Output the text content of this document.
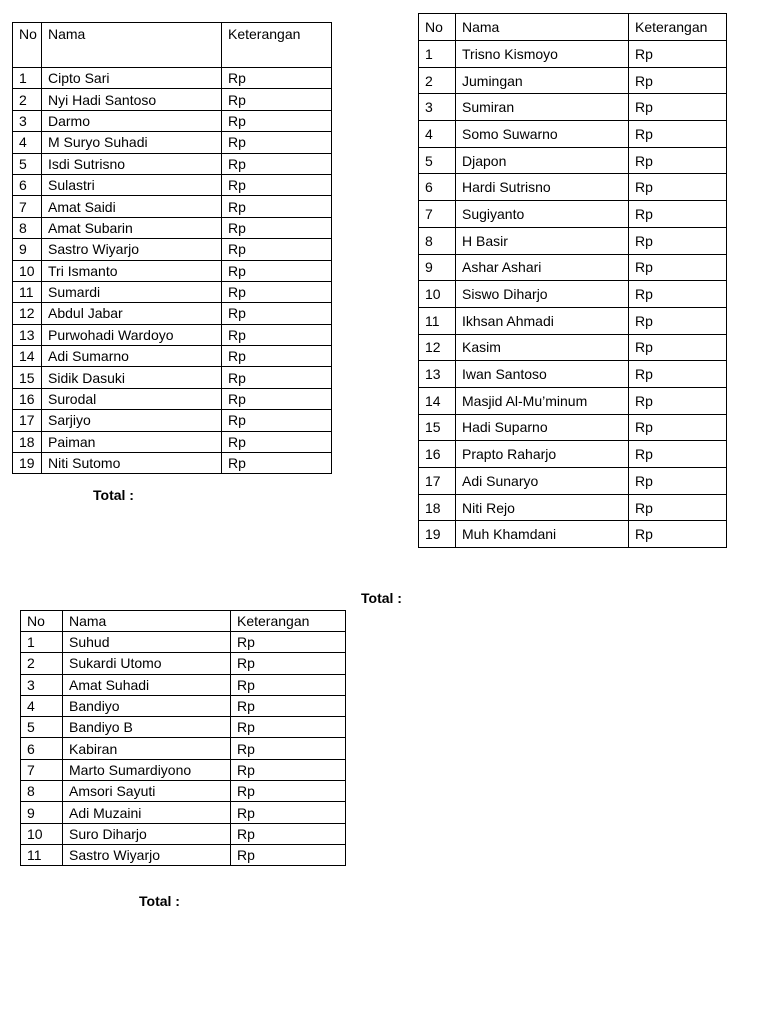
No	Nama	Keterangan
1	Cipto Sari	Rp
2	Nyi Hadi Santoso	Rp
3	Darmo	Rp
4	M Suryo Suhadi	Rp
5	Isdi Sutrisno	Rp
6	Sulastri	Rp
7	Amat Saidi	Rp
8	Amat Subarin	Rp
9	Sastro Wiyarjo	Rp
10	Tri Ismanto	Rp
11	Sumardi	Rp
12	Abdul Jabar	Rp
13	Purwohadi Wardoyo	Rp
14	Adi Sumarno	Rp
15	Sidik Dasuki	Rp
16	Surodal	Rp
17	Sarjiyo	Rp
18	Paiman	Rp
19	Niti Sutomo	Rp
Total :
No	Nama	Keterangan
1	Trisno Kismoyo	Rp
2	Jumingan	Rp
3	Sumiran	Rp
4	Somo Suwarno	Rp
5	Djapon	Rp
6	Hardi Sutrisno	Rp
7	Sugiyanto	Rp
8	H Basir	Rp
9	Ashar Ashari	Rp
10	Siswo Diharjo	Rp
11	Ikhsan Ahmadi	Rp
12	Kasim	Rp
13	Iwan Santoso	Rp
14	Masjid Al-Mu’minum	Rp
15	Hadi Suparno	Rp
16	Prapto Raharjo	Rp
17	Adi Sunaryo	Rp
18	Niti Rejo	Rp
19	Muh Khamdani	Rp
Total :
No	Nama	Keterangan
1	Suhud	Rp
2	Sukardi Utomo	Rp
3	Amat Suhadi	Rp
4	Bandiyo	Rp
5	Bandiyo B	Rp
6	Kabiran	Rp
7	Marto Sumardiyono	Rp
8	Amsori Sayuti	Rp
9	Adi Muzaini	Rp
10	Suro Diharjo	Rp
11	Sastro Wiyarjo	Rp
Total :
